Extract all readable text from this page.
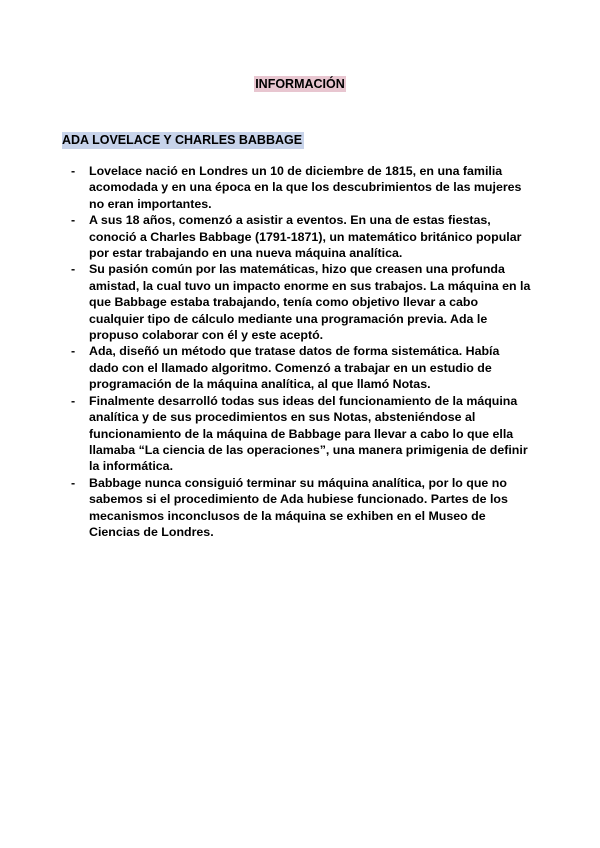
INFORMACIÓN
ADA LOVELACE Y CHARLES BABBAGE
- Lovelace nació en Londres un 10 de diciembre de 1815, en una familia acomodada y en una época en la que los descubrimientos de las mujeres no eran importantes.
- A sus 18 años, comenzó a asistir a eventos. En una de estas fiestas, conoció a Charles Babbage (1791-1871), un matemático británico popular por estar trabajando en una nueva máquina analítica.
- Su pasión común por las matemáticas, hizo que creasen una profunda amistad, la cual tuvo un impacto enorme en sus trabajos. La máquina en la que Babbage estaba trabajando, tenía como objetivo llevar a cabo cualquier tipo de cálculo mediante una programación previa. Ada le propuso colaborar con él y este aceptó.
- Ada, diseñó un método que tratase datos de forma sistemática. Había dado con el llamado algoritmo. Comenzó a trabajar en un estudio de programación de la máquina analítica, al que llamó Notas.
- Finalmente desarrolló todas sus ideas del funcionamiento de la máquina analítica y de sus procedimientos en sus Notas, absteniéndose al funcionamiento de la máquina de Babbage para llevar a cabo lo que ella llamaba “La ciencia de las operaciones”, una manera primigenia de definir la informática.
- Babbage nunca consiguió terminar su máquina analítica, por lo que no sabemos si el procedimiento de Ada hubiese funcionado. Partes de los mecanismos inconclusos de la máquina se exhiben en el Museo de Ciencias de Londres.
